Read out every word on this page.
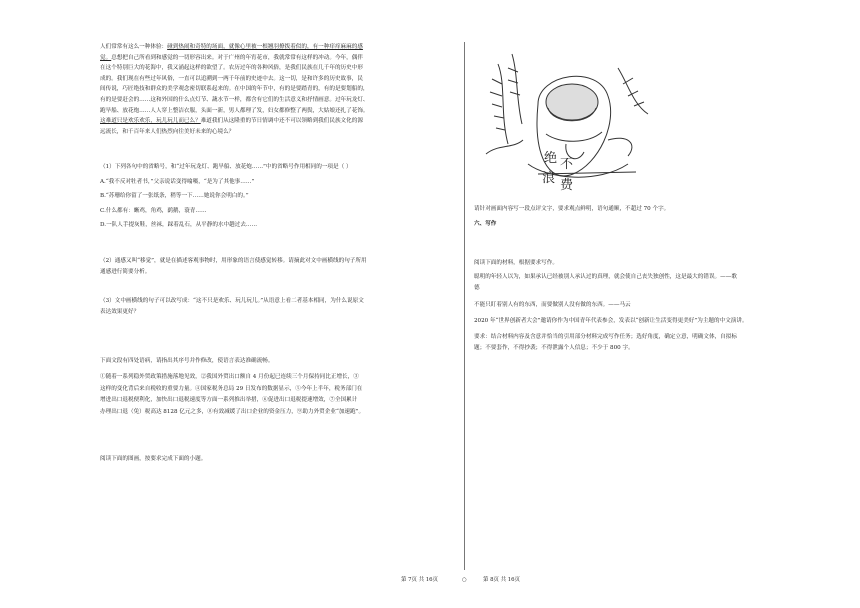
人们常常有这么一种体验：碰到热闹和奇特的场面，就像心里被一根翘羽撩拨着似的，有一种痒痒麻麻的感

觉。总想把自己所看到和感觉的一切形容出来。对于广州的年宵花市，我就常常有这样的冲动。今年，偶伴

在这个特别巨大的花海中，我又涌起这样的欲望了。农历过年的各种风俗，是我们民族在几千年的历史中形

成的。我们现在有些过年风俗，一直可以追溯到一两千年前的史迹中去。这一切，是和许多的历史故事，民

间传说，巧匠绝技和群众的美学观念密切联系起来的。在中国的年节中，有的是要踏青的，有的是要划船的，

有的是要赶会的……这和外国的什么点灯节、蔬水节一样，都含有它们的生活意义和抒情画意。过年玩龙灯、

跑旱船、放花炮……人人穿上整洁衣服，头面一新，男人都理了发，妇女都修整了两鬓，大姑娘还扎了花饰。

这难道只是欢乐欢乐，玩儿玩儿而已么？难道我们从这隆重的节日情调中还不可以领略到我们民族文化的源

远流长，和千百年来人们热烈向往美好未来的心境么？

（1）下列各句中的省略号，和“过年玩龙灯、跑旱船、放花炮……”中的省略号作用相同的一项是（ ）

A.“我不反对牡者书，”父亲说话变得噏嗫，“是为了其他事……”

B.“苏珊给你留了一张纸条，稍等一下……她说你会明白的。”

C.什么都有：蜥鸡，角鸡，鹞鹅，蓑青……

D.一队人手提灰鞋，丝袜，踩着乱石，从平静的水中趟过去……

（2）通感又叫“移觉”，就是在描述客观事物时，用形象的语言使感觉转移。请摘此对文中画横线的句子所用

通感进行简要分析。

（3）文中画横线的句子可以改写成：“这不只是欢乐、玩儿玩儿。”从语意上看二者基本相同，为什么说原文

表达效果更好？

下面文段有四处语病，请指出其序号并作修改，使语言表达准确流畅。

①随着一系列稳外贸政策措施落地见效，②我国外贸出口额自 4 月份起已连续三个月保持同比正增长，③

这样的变化背后来自税收的重要力量。④国家税务总局 29 日发布的数据显示，⑤今年上半年，税务部门在

增进出口退税便利化，加快出口退税速度等方面一系列推出举措，⑥促进出口退税提速增效，⑦全国累计

办理出口退（免）税高达 8128 亿元之多，⑧有效减缓了出口企业的资金压力，⑨助力外贸企业“加速跑”。

阅读下面的图画，按要求完成下面的小题。
绝 不
浪 费
请针对画面内容写一段点评文字，要求观点鲜明，语句通顺，不超过 70 个字。
六、写作
阅读下面的材料，根据要求写作。

聪明的年轻人以为，如果承认已经被别人承认过的真理，就会使自己丧失独创性，这是最大的错误。——歌

德

不能只盯着别人有的东西，而要做别人没有做的东西。——马云
2020 年“世界创新者大会”邀请你作为中国青年代表参会，发表以“创新让生活变得更美好”为主题的中文演讲。

要求：结合材料内容及含意并恰当的引用部分材料完成写作任务；选好角度，确定立意，明确文体，自拟标

题；不要套作，不得抄袭；不得泄露个人信息；不少于 800 字。

第 7页 共 16页	○	第 8页 共 16页
